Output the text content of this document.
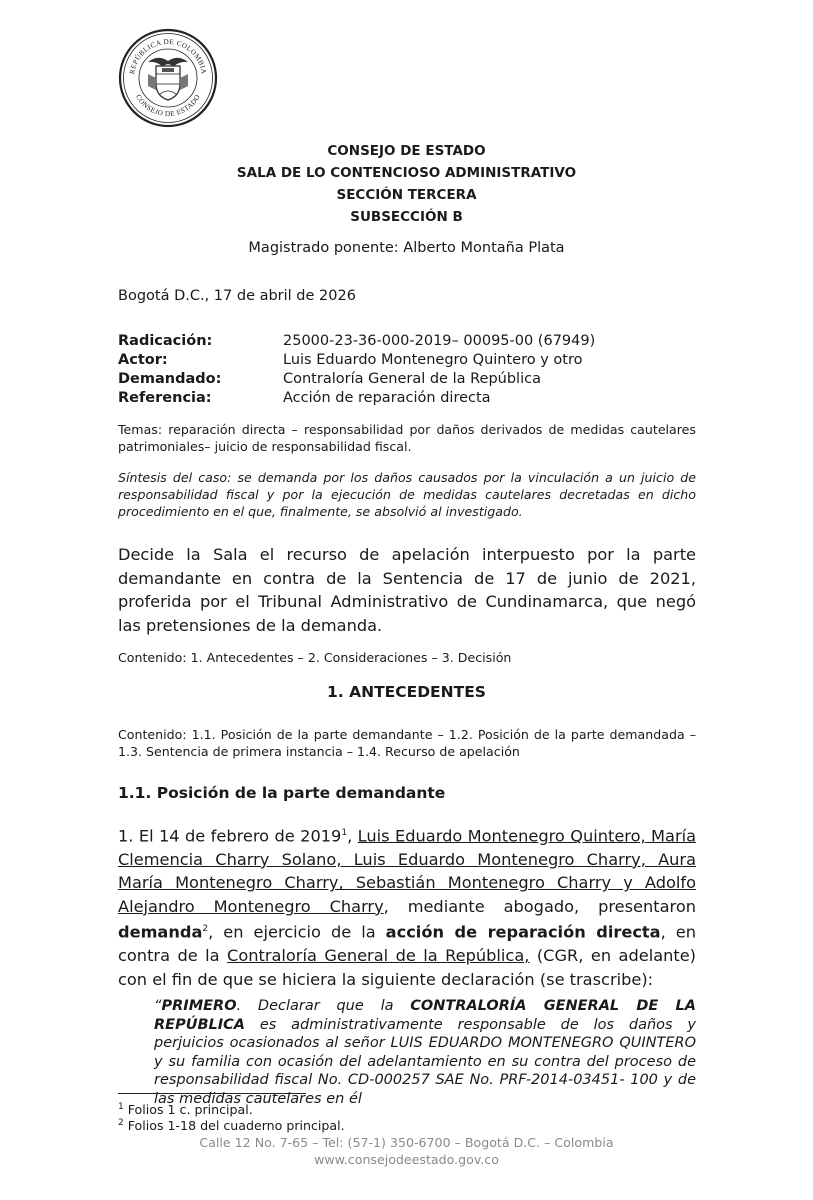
REPÚBLICA DE COLOMBIA
CONSEJO DE ESTADO
CONSEJO DE ESTADO
SALA DE LO CONTENCIOSO ADMINISTRATIVO
SECCIÓN TERCERA
SUBSECCIÓN B
Magistrado ponente: Alberto Montaña Plata
Bogotá D.C., 17 de abril de 2026
Radicación:	25000-23-36-000-2019– 00095-00 (67949)
Actor:	Luis Eduardo Montenegro Quintero y otro
Demandado:	Contraloría General de la República
Referencia:	Acción de reparación directa
Temas: reparación directa – responsabilidad por daños derivados de medidas cautelares patrimoniales– juicio de responsabilidad fiscal.
Síntesis del caso: se demanda por los daños causados por la vinculación a un juicio de responsabilidad fiscal y por la ejecución de medidas cautelares decretadas en dicho procedimiento en el que, finalmente, se absolvió al investigado.
Decide la Sala el recurso de apelación interpuesto por la parte demandante en contra de la Sentencia de 17 de junio de 2021, proferida por el Tribunal Administrativo de Cundinamarca, que negó las pretensiones de la demanda.
Contenido: 1. Antecedentes – 2. Consideraciones – 3. Decisión
1. ANTECEDENTES
Contenido: 1.1. Posición de la parte demandante – 1.2. Posición de la parte demandada – 1.3. Sentencia de primera instancia – 1.4. Recurso de apelación
1.1. Posición de la parte demandante
1. El 14 de febrero de 2019$^1$, Luis Eduardo Montenegro Quintero, María Clemencia Charry Solano, Luis Eduardo Montenegro Charry, Aura María Montenegro Charry, Sebastián Montenegro Charry y Adolfo Alejandro Montenegro Charry, mediante abogado, presentaron demanda$^2$, en ejercicio de la acción de reparación directa, en contra de la Contraloría General de la República, (CGR, en adelante) con el fin de que se hiciera la siguiente declaración (se trascribe):
“PRIMERO. Declarar que la CONTRALORÍA GENERAL DE LA REPÚBLICA es administrativamente responsable de los daños y perjuicios ocasionados al señor LUIS EDUARDO MONTENEGRO QUINTERO y su familia con ocasión del adelantamiento en su contra del proceso de responsabilidad fiscal No. CD-000257 SAE No. PRF-2014-03451- 100 y de las medidas cautelares en él
$^1$ Folios 1 c. principal.
$^2$ Folios 1-18 del cuaderno principal.
Calle 12 No. 7-65 – Tel: (57-1) 350-6700 – Bogotá D.C. – Colombia
www.consejodeestado.gov.co
